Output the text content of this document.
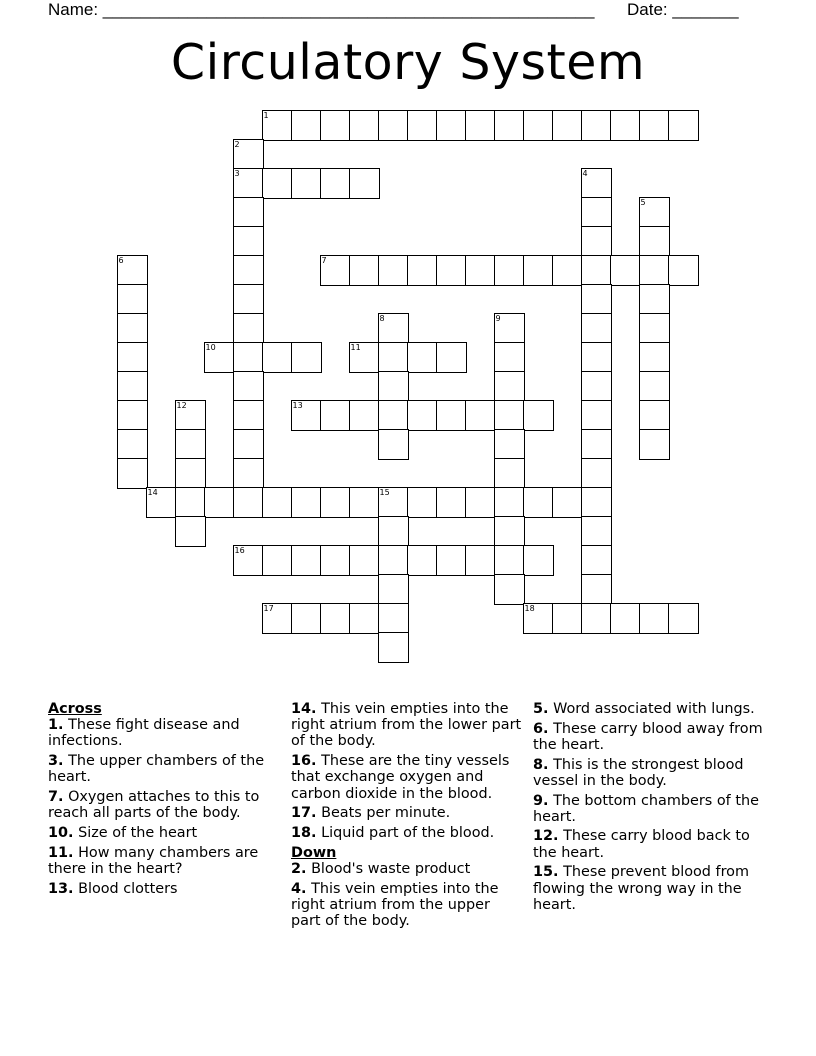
Name: ____________________________________________________ Date: _______
Circulatory System
1
2
3	4
5
6	7
8	9
10	11
12	13
14	15
16
17	18

Across

1. These fight disease and infections.

3. The upper chambers of the heart.

7. Oxygen attaches to this to reach all parts of the body.

10. Size of the heart

11. How many chambers are there in the heart?

13. Blood clotters

14. This vein empties into the right atrium from the lower part of the body.

16. These are the tiny vessels that exchange oxygen and carbon dioxide in the blood.

17. Beats per minute.

18. Liquid part of the blood.

Down

2. Blood's waste product

4. This vein empties into the right atrium from the upper part of the body.

5. Word associated with lungs.

6. These carry blood away from the heart.

8. This is the strongest blood vessel in the body.

9. The bottom chambers of the heart.

12. These carry blood back to the heart.

15. These prevent blood from flowing the wrong way in the heart.
